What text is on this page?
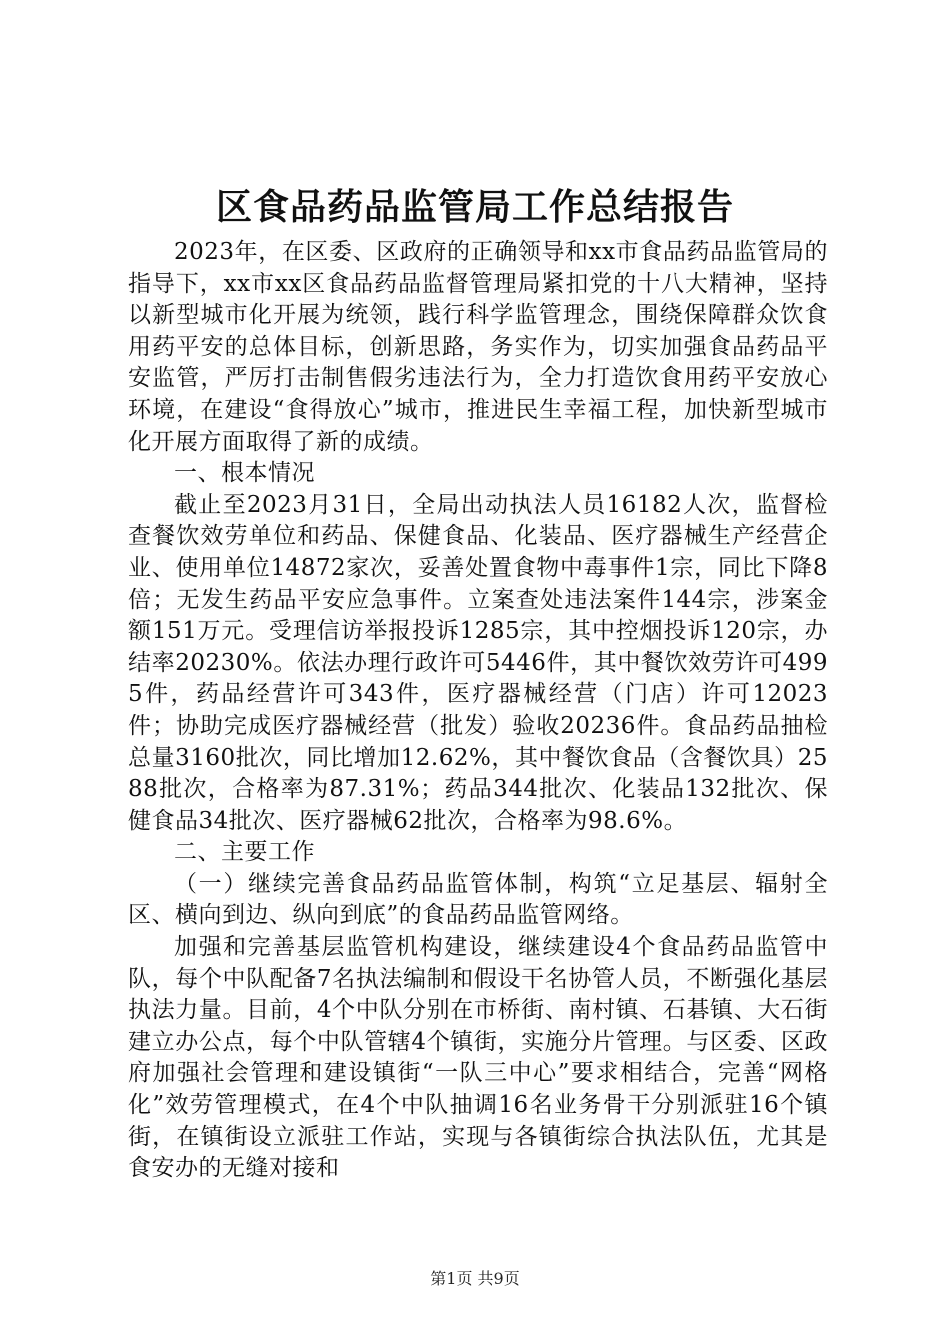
区食品药品监管局工作总结报告

2023年，在区委、区政府的正确领导和xx市食品药品监管局的指导下，xx市xx区食品药品监督管理局紧扣党的十八大精神，坚持以新型城市化开展为统领，践行科学监管理念，围绕保障群众饮食用药平安的总体目标，创新思路，务实作为，切实加强食品药品平安监管，严厉打击制售假劣违法行为，全力打造饮食用药平安放心环境，在建设“食得放心”城市，推进民生幸福工程，加快新型城市化开展方面取得了新的成绩。

一、根本情况

截止至2023月31日，全局出动执法人员16182人次，监督检查餐饮效劳单位和药品、保健食品、化装品、医疗器械生产经营企业、使用单位14872家次，妥善处置食物中毒事件1宗，同比下降8倍；无发生药品平安应急事件。立案查处违法案件144宗，涉案金额151万元。受理信访举报投诉1285宗，其中控烟投诉120宗，办结率20230%。依法办理行政许可5446件，其中餐饮效劳许可4995件，药品经营许可343件，医疗器械经营（门店）许可12023件；协助完成医疗器械经营（批发）验收20236件。食品药品抽检总量3160批次，同比增加12.62%，其中餐饮食品（含餐饮具）2588批次，合格率为87.31%；药品344批次、化装品132批次、保健食品34批次、医疗器械62批次，合格率为98.6%。

二、主要工作

（一）继续完善食品药品监管体制，构筑“立足基层、辐射全区、横向到边、纵向到底”的食品药品监管网络。

加强和完善基层监管机构建设，继续建设4个食品药品监管中队，每个中队配备7名执法编制和假设干名协管人员，不断强化基层执法力量。目前，4个中队分别在市桥街、南村镇、石碁镇、大石街建立办公点，每个中队管辖4个镇街，实施分片管理。与区委、区政府加强社会管理和建设镇街“一队三中心”要求相结合，完善“网格化”效劳管理模式，在4个中队抽调16名业务骨干分别派驻16个镇街，在镇街设立派驻工作站，实现与各镇街综合执法队伍，尤其是食安办的无缝对接和

第1页 共9页
